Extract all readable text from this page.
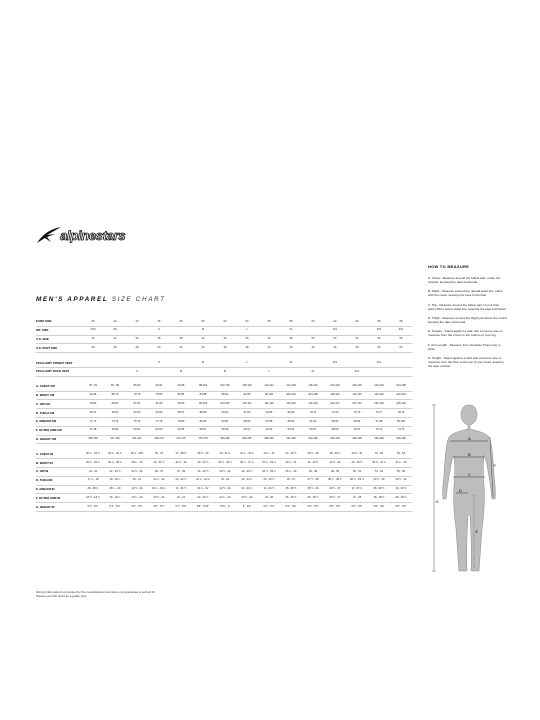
alpinestars
MEN'S APPAREL SIZE CHART
EURO SIZE	40	42	44	46	48	50	52	54	56	58	60	62	64	66	68
INT. SIZE	XXS	XS		S		M		L		XL		2XL		3XL	4XL
U.S. SIZE	30	32	34	36	38	40	42	44	46	48	50	52	54	56	58
U.S. PANT SIZE	26	28	28	30	32	34	36	38	40	42	44	46	48	50	52

TECH-AIR® STREET VEST				S		M		L		XL		2XL		3XL	
TECH-AIR® RACE VEST			S		M		M		L		XL		2XL		

A. CHEST CM	78 - 82	82 - 86	86-90	90-94	94-98	98-102	102-106	106-110	110-114	114-118	118-122	122-126	126-130	130-134	134-138
B. WAIST CM	64-68	68-72	72-76	76-80	80-84	84-88	88-92	92-96	96-100	100-104	104-108	108-112	112-116	116-120	120-124
C. HIP CM	79-83	83-87	87-91	91-95	95-99	99-103	103-107	107-111	111-115	115-119	119-123	123-127	127-131	131-135	135-139
D. THIGH CM	45-47	48-51	52-53	54-56	56-57	58-59	60-61	61-63	64-65	66-69	70-71	72-73	73-75	76-77	78-79
E. INSEAM CM	71-73	73-74	75-76	77-78	79-80	81-82	83-84	85-86	87-88	89-90	91-92	93-94	95-96	97-98	99-100
F. OUTER ARM CM	47-48	49-50	50-51	52-53	54-55	56-57	58-59	60-61	62-63	64-65	66-67	68-69	70-71	72-73	74-75
G. HEIGHT CM	158-156	157-162	161-167	168-172	172-175	176-179	180-183	184-187	188-191	192-195	192-195	196-199	196-199	196-199	196-199

A. CHEST IN	30 ¾ - 32 ¼	32 ¼ - 33 ¾	33 ¾ - 35½	35 - 37	37 - 38 ½	38 ½ - 40	40 - 41 ¾	41 ¾ - 43 ¼	43 ¼ - 44	44 - 46 ½	46 ½ - 48	48 - 49 ½	49 ½ - 51	51 - 53	53 - 54
B. WAIST IN	25 ¼ - 26 ¾	26 ¾ - 28 ¼	28 ¼ - 30	30 - 31 ½	31 ½ - 33	33 - 34 ½	34 ½ - 36 ¼	36 ¼ - 37 ¾	37 ¾ - 39 ¼	39 ¼ - 41	41 - 42 ½	42 ½ - 44	44 - 45 ½	45 ½ - 47 ¼	47 ¼ - 49
C. HIP IN	31 - 32	32 - 34 ½	34 ½ - 36	36 - 37	37 - 39	39 - 40 ½	40 ½ - 42	42 - 43 ½	43 ½ - 45 ¼	45 ¼ - 46	46 - 48	48 - 50	50 - 51	51 - 53	53 - 55
D. THIGH IN	17 ¾ - 18	19 - 19 ¾	20 - 21	21 ¼ - 22	22 - 22 ½	22 ¾ - 23 ¼	23 - 24	24 - 24 ¾	25 - 25 ½	26 - 27	27 ½ - 28	28 ¼ - 28 ¾	28 ¾ - 29 ½	29 ½ - 30	30 ½ - 31
E. INSEAM IN	28 - 28 ¾	28 ¾ - 29	29 ½ - 30	30 ¼ - 30 ¾	31 - 31 ½	31 ¾ - 32	32 ½ - 33	33 - 33 ¾	34 - 34 ½	35 - 35 ½	35 ½ - 36	36 ½ - 37	37 - 37 ¾	38 - 38 ½	39 - 39 ½
F. OUTER ARM IN	18 ½ - 18 ¾	19 - 19 ¾	19 ¾ - 20	20 ½ - 21	21 - 22	22 - 22 ½	22 ¾ - 23	23 ½ - 24	24 - 25	25 - 25 ½	26 - 26 ½	26 ½ - 27	27 - 28	28 - 28 ½	29 - 29 ½
G. HEIGHT IN	5'1" - 5'1"	5'1" - 5'3"	5'3" - 5'4"	5'6" - 5'7"	5'7" - 5'9"	5'9" - 5'10"	5'11" - 6'	6' - 6'2"	6'2" - 6'3"	6'3" - 6'5"	6'3" - 6'5"	6'5" - 6'6"	6'5" - 6'6"	6'5" - 6'6"	6'5" - 6'6"
HOW TO MEASURE

A. Chest - Measure around the fullest part, under the armpits, keeping the tape horizontal.

B. Waist - Measure around the natural waist line, inline with the navel, keeping the tape horizontal.

C. Hip - Measure around the fullest part of your hips, about 20cm below waist line, keeping the tape horizontal.

D. Thigh - Measure around the thigh just below the crotch, keeping the tape horizontal.

E. Inseam - Stand against a wall, ask someone else to measure from the crotch to the bottom of your leg.

F. Arm Length - Measure from shoulder (Humerus) to wrist.

G. Height - Stand against a wall, ask someone else to measure from the floor to the top of your head, keeping the tape vertical.

A
B
C
D
E
F
G
Sizing information is provided by the manufacturer and does not guarantee a perfect fit.
Please use this chart as a guide only.
